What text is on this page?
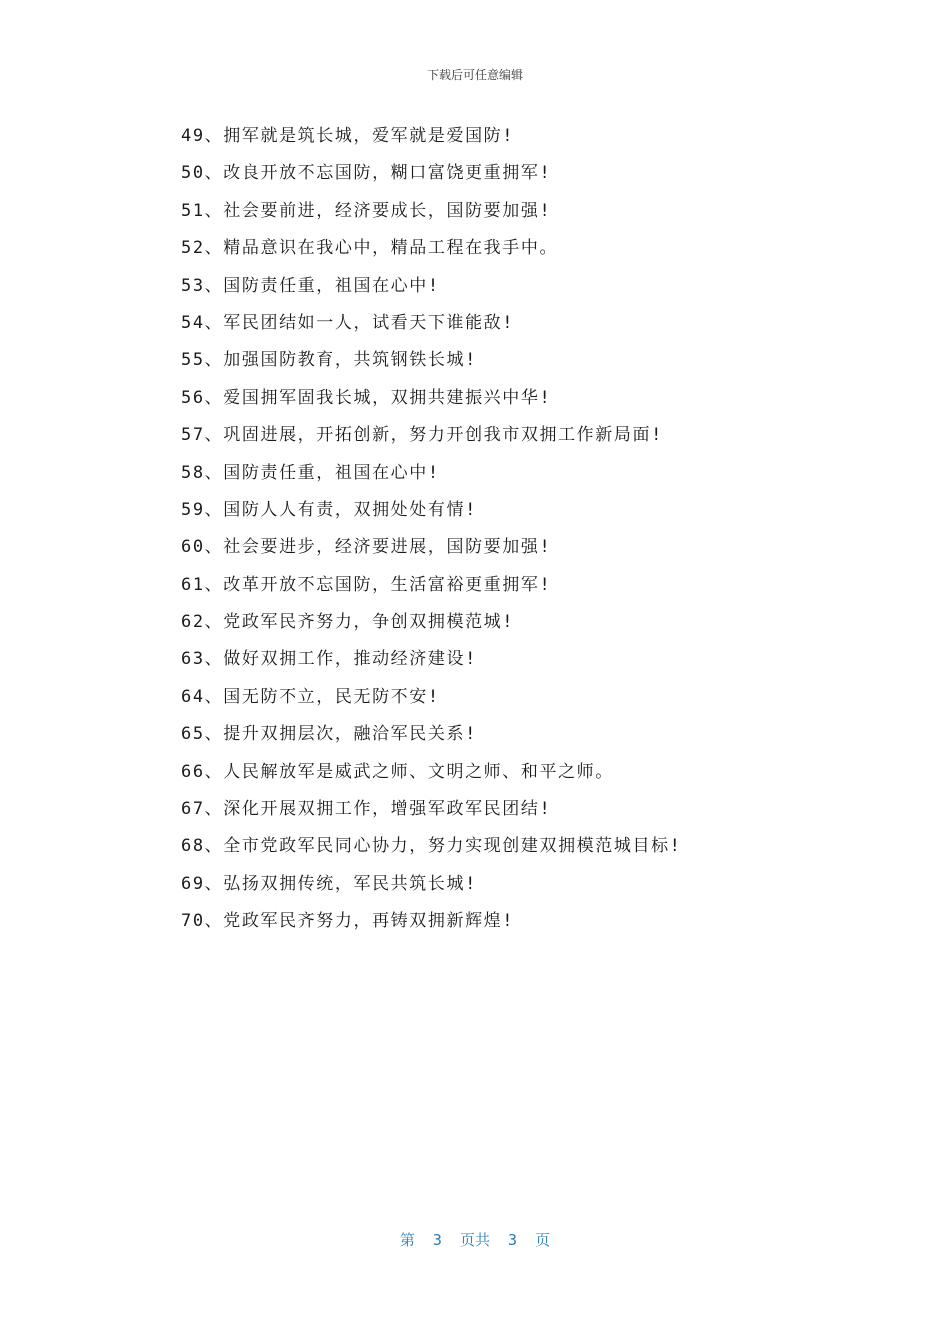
下载后可任意编辑
49、拥军就是筑长城，爱军就是爱国防!
50、改良开放不忘国防，糊口富饶更重拥军!
51、社会要前进，经济要成长，国防要加强!
52、精品意识在我心中，精品工程在我手中。
53、国防责任重，祖国在心中!
54、军民团结如一人，试看天下谁能敌!
55、加强国防教育，共筑钢铁长城!
56、爱国拥军固我长城，双拥共建振兴中华!
57、巩固进展，开拓创新，努力开创我市双拥工作新局面!
58、国防责任重，祖国在心中!
59、国防人人有责，双拥处处有情!
60、社会要进步，经济要进展，国防要加强!
61、改革开放不忘国防，生活富裕更重拥军!
62、党政军民齐努力，争创双拥模范城!
63、做好双拥工作，推动经济建设!
64、国无防不立，民无防不安!
65、提升双拥层次，融洽军民关系!
66、人民解放军是威武之师、文明之师、和平之师。
67、深化开展双拥工作，增强军政军民团结!
68、全市党政军民同心协力，努力实现创建双拥模范城目标!
69、弘扬双拥传统，军民共筑长城!
70、党政军民齐努力，再铸双拥新辉煌!
第  3  页共  3  页
